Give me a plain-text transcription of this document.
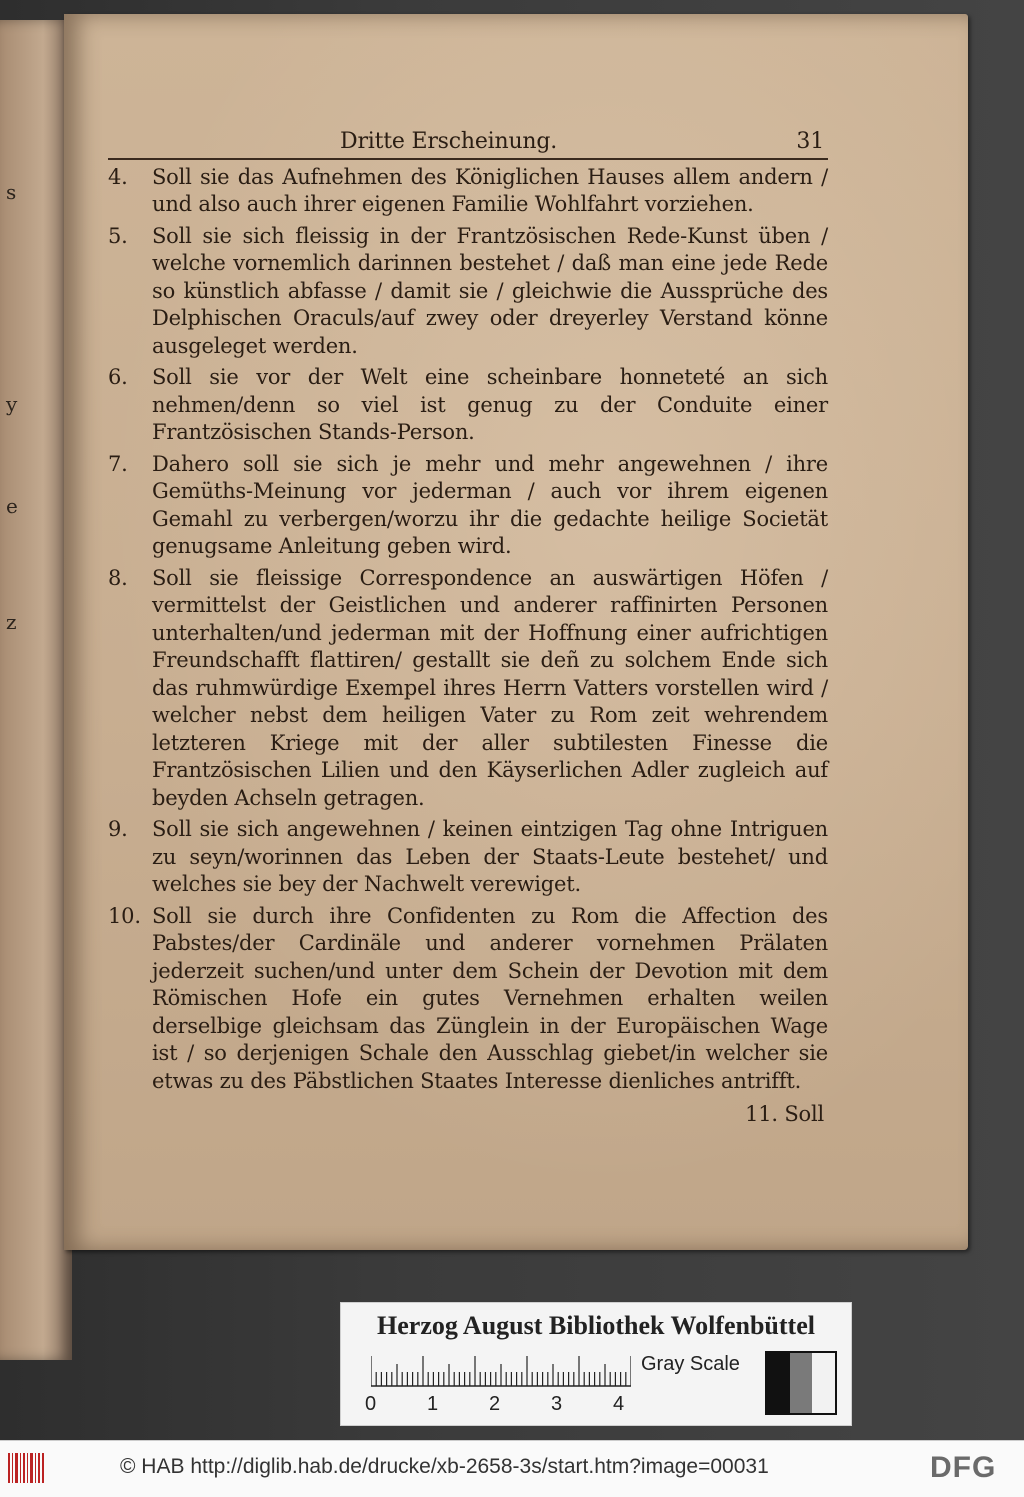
s
y
e
z
Dritte Erscheinung.	31
4.	Soll sie das Aufnehmen des Königlichen Hauses allem andern / und also auch ihrer eigenen Familie Wohlfahrt vorziehen.
5.	Soll sie sich fleissig in der Frantzösischen Rede-Kunst üben / welche vornemlich darinnen bestehet / daß man eine jede Rede so künstlich abfasse / damit sie / gleichwie die Aussprüche des Delphischen Oraculs/auf zwey oder dreyerley Verstand könne ausgeleget werden.
6.	Soll sie vor der Welt eine scheinbare honneteté an sich nehmen/denn so viel ist genug zu der Conduite einer Frantzösischen Stands-Person.
7.	Dahero soll sie sich je mehr und mehr angewehnen / ihre Gemüths-Meinung vor jederman / auch vor ihrem eigenen Gemahl zu verbergen/worzu ihr die gedachte heilige Societät genugsame Anleitung geben wird.
8.	Soll sie fleissige Correspondence an auswärtigen Höfen / vermittelst der Geistlichen und anderer raffinirten Personen unterhalten/und jederman mit der Hoffnung einer aufrichtigen Freundschafft flattiren/ gestallt sie deñ zu solchem Ende sich das ruhmwürdige Exempel ihres Herrn Vatters vorstellen wird / welcher nebst dem heiligen Vater zu Rom zeit wehrendem letzteren Kriege mit der aller subtilesten Finesse die Frantzösischen Lilien und den Käyserlichen Adler zugleich auf beyden Achseln getragen.
9.	Soll sie sich angewehnen / keinen eintzigen Tag ohne Intriguen zu seyn/worinnen das Leben der Staats-Leute bestehet/ und welches sie bey der Nachwelt verewiget.
10. Soll sie durch ihre Confidenten zu Rom die Affection des Pabstes/der Cardinäle und anderer vornehmen Prälaten jederzeit suchen/und unter dem Schein der Devotion mit dem Römischen Hofe ein gutes Vernehmen erhalten weilen derselbige gleichsam das Zünglein in der Europäischen Wage ist / so derjenigen Schale den Ausschlag giebet/in welcher sie etwas zu des Päbstlichen Staates Interesse dienliches antrifft.
11. Soll
Herzog August Bibliothek Wolfenbüttel
0	1	2	3	4
Gray Scale
© HAB http://diglib.hab.de/drucke/xb-2658-3s/start.htm?image=00031	DFG
